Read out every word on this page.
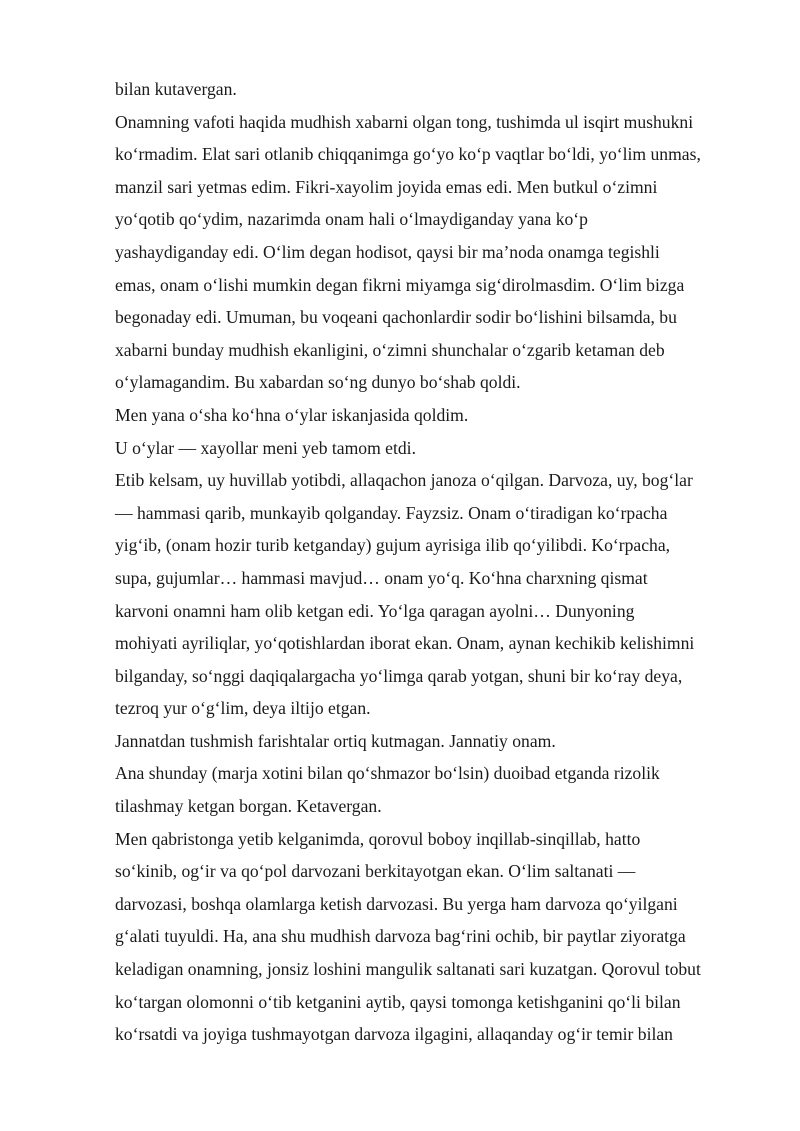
bilan kutavergan.
Onamning vafoti haqida mudhish xabarni olgan tong, tushimda ul isqirt mushukni
koʻrmadim. Elat sari otlanib chiqqanimga goʻyo koʻp vaqtlar boʻldi, yoʻlim unmas,
manzil sari yetmas edim. Fikri-xayolim joyida emas edi. Men butkul oʻzimni
yoʻqotib qoʻydim, nazarimda onam hali oʻlmaydiganday yana koʻp
yashaydiganday edi. Oʻlim degan hodisot, qaysi bir maʼnoda onamga tegishli
emas, onam oʻlishi mumkin degan fikrni miyamga sigʻdirolmasdim. Oʻlim bizga
begonaday edi. Umuman, bu voqeani qachonlardir sodir boʻlishini bilsamda, bu
xabarni bunday mudhish ekanligini, oʻzimni shunchalar oʻzgarib ketaman deb
oʻylamagandim. Bu xabardan soʻng dunyo boʻshab qoldi.
Men yana oʻsha koʻhna oʻylar iskanjasida qoldim.
U oʻylar — xayollar meni yeb tamom etdi.
Etib kelsam, uy huvillab yotibdi, allaqachon janoza oʻqilgan. Darvoza, uy, bogʻlar
— hammasi qarib, munkayib qolganday. Fayzsiz. Onam oʻtiradigan koʻrpacha
yigʻib, (onam hozir turib ketganday) gujum ayrisiga ilib qoʻyilibdi. Koʻrpacha,
supa, gujumlar… hammasi mavjud… onam yoʻq. Koʻhna charxning qismat
karvoni onamni ham olib ketgan edi. Yoʻlga qaragan ayolni… Dunyoning
mohiyati ayriliqlar, yoʻqotishlardan iborat ekan. Onam, aynan kechikib kelishimni
bilganday, soʻnggi daqiqalargacha yoʻlimga qarab yotgan, shuni bir koʻray deya,
tezroq yur oʻgʻlim, deya iltijo etgan.
Jannatdan tushmish farishtalar ortiq kutmagan. Jannatiy onam.
Ana shunday (marja xotini bilan qoʻshmazor boʻlsin) duoibad etganda rizolik
tilashmay ketgan borgan. Ketavergan.
Men qabristonga yetib kelganimda, qorovul boboy inqillab-sinqillab, hatto
soʻkinib, ogʻir va qoʻpol darvozani berkitayotgan ekan. Oʻlim saltanati —
darvozasi, boshqa olamlarga ketish darvozasi. Bu yerga ham darvoza qoʻyilgani
gʻalati tuyuldi. Ha, ana shu mudhish darvoza bagʻrini ochib, bir paytlar ziyoratga
keladigan onamning, jonsiz loshini mangulik saltanati sari kuzatgan. Qorovul tobut
koʻtargan olomonni oʻtib ketganini aytib, qaysi tomonga ketishganini qoʻli bilan
koʻrsatdi va joyiga tushmayotgan darvoza ilgagini, allaqanday ogʻir temir bilan
